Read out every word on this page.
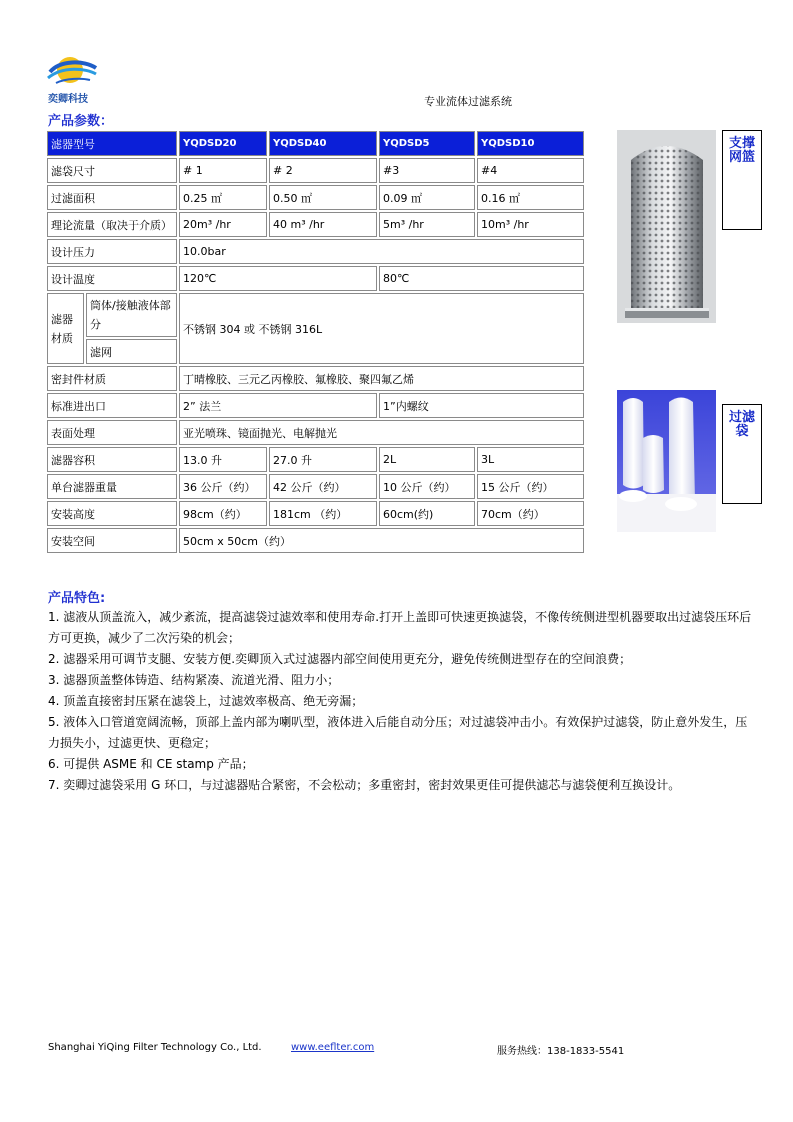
奕卿科技	专业流体过滤系统
产品参数：
滤器型号		YQDSD20	YQDSD40	YQDSD5	YQDSD10
滤袋尺寸		# 1	# 2	#3	#4
过滤面积		0.25 ㎡	0.50 ㎡	0.09 ㎡	0.16 ㎡
理论流量（取决于介质）		20m³ /hr	40 m³ /hr	5m³ /hr	10m³ /hr
设计压力		10.0bar			
设计温度		120℃		80℃	
滤器材质	筒体/接触液体部分	不锈钢 304 或 不锈钢 316L			
	滤网				
密封件材质		丁晴橡胶、三元乙丙橡胶、氟橡胶、聚四氟乙烯			
标准进出口		2” 法兰		1”内螺纹	
表面处理		亚光喷珠、镜面抛光、电解抛光			
滤器容积		13.0 升	27.0 升	2L	3L
单台滤器重量		36 公斤（约）	42 公斤（约）	10 公斤（约）	15 公斤（约）
安装高度		98cm（约）	181cm （约）	60cm(约)	70cm（约）
安装空间		50cm x 50cm（约）			
支撑网篮
过滤袋
产品特色:

1. 滤液从顶盖流入，减少紊流，提高滤袋过滤效率和使用寿命.打开上盖即可快速更换滤袋，不像传统侧进型机器要取出过滤袋压环后方可更换，减少了二次污染的机会；

2. 滤器采用可调节支腿、安装方便.奕卿顶入式过滤器内部空间使用更充分，避免传统侧进型存在的空间浪费；

3. 滤器顶盖整体铸造、结构紧凑、流道光滑、阻力小；

4. 顶盖直接密封压紧在滤袋上，过滤效率极高、绝无旁漏；

5. 液体入口管道宽阔流畅，顶部上盖内部为喇叭型，液体进入后能自动分压；对过滤袋冲击小。有效保护过滤袋，防止意外发生，压力损失小，过滤更快、更稳定；

6. 可提供 ASME 和 CE stamp 产品；

7. 奕卿过滤袋采用 G 环口，与过滤器贴合紧密，不会松动；多重密封，密封效果更佳可提供滤芯与滤袋便利互换设计。

Shanghai YiQing Filter Technology Co., Ltd.	www.eeflter.com	服务热线：138-1833-5541
